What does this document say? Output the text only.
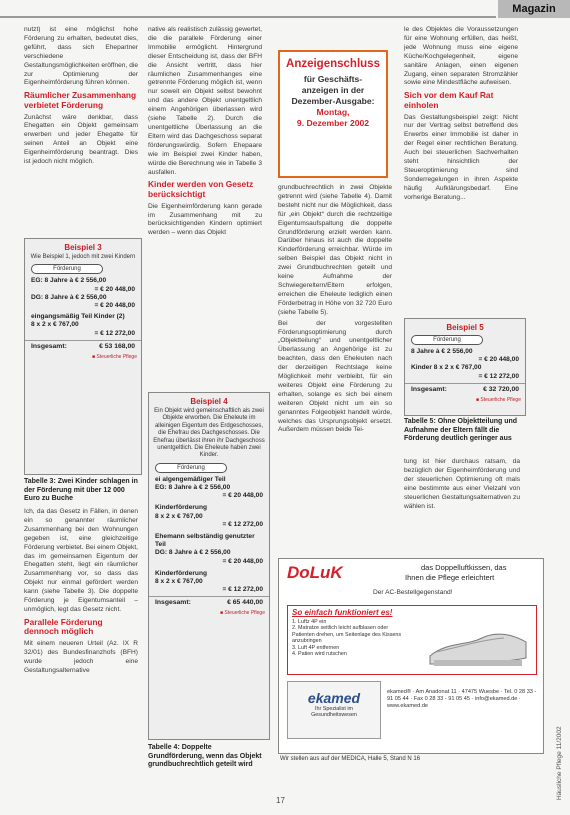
Magazin

nutzt) ist eine möglichst hohe Förderung zu erhalten, bedeutet dies, geführt, dass sich Ehepartner verschiedene Gestaltungsmöglichkeiten eröffnen, die zur Optimierung der Eigenheimförderung führen können.

Räumlicher Zusammenhang verbietet Förderung

Zunächst wäre denkbar, dass Ehegatten ein Objekt gemeinsam erwerben und jeder Ehegatte für seinen Anteil an Objekt eine Eigenheimförderung beantragt. Dies ist jedoch nicht möglich.

Beispiel 3
Wie Beispiel 1, jedoch mit zwei Kindern
Förderung
EG: 8 Jahre à € 2 556,00
= € 20 448,00
DG: 8 Jahre à € 2 556,00
= € 20 448,00
eingangsmäßig Teil Kinder (2)
8 x 2 x € 767,00
= € 12 272,00
Insgesamt:	€ 53 168,00
■ Steuerliche Pflege
Tabelle 3: Zwei Kinder schlagen in der Förderung mit über 12 000 Euro zu Buche

Ich, da das Gesetz in Fällen, in denen ein so genannter räumlicher Zusammenhang bei den Wohnungen gegeben ist, eine gleichzeitige Förderung verbietet. Bei einem Objekt, das im gemeinsamen Eigentum der Ehegatten steht, liegt ein räumlicher Zusammenhang vor, so dass das Objekt nur einmal gefördert werden kann (siehe Tabelle 3). Die doppelte Förderung je Eigentumsanteil – unmöglich, legt das Gesetz nicht.

Parallele Förderung dennoch möglich

Mit einem neueren Urteil (Az. IX R 32/01) des Bundesfinanzhofs (BFH) wurde jedoch eine Gestaltungsalternative

native als realistisch zulässig gewertet, die die parallele Förderung einer Immobilie ermöglicht. Hintergrund dieser Entscheidung ist, dass der BFH die Ansicht vertritt, dass hier räumlichen Zusammenhanges eine getrennte Förderung möglich ist, wenn nur soweit ein Objekt selbst bewohnt und das andere Objekt unentgeltlich einem Angehörigen überlassen wird (siehe Tabelle 2). Durch die unentgeltliche Überlassung an die Eltern wird das Dachgeschoss separat förderungswürdig. Sofern Ehepaare wie im Beispiel zwei Kinder haben, würde die Berechnung wie in Tabelle 3 ausfallen.

Kinder werden von Gesetz berücksichtigt

Die Eigenheimförderung kann gerade im Zusammenhang mit zu berücksichtigenden Kindern optimiert werden – wenn das Objekt

Beispiel 4
Ein Objekt wird gemeinschaftlich als zwei Objekte erworben. Die Eheleute im alleinigen Eigentum des Erdgeschosses, die Ehefrau des Dachgeschosses. Die Ehefrau überlässt ihren ihr Dachgeschoss unentgeltlich. Die Eheleute haben zwei Kinder.
Förderung
ei algengemäßiger Teil
EG: 8 Jahre à € 2 556,00
= € 20 448,00
Kinderförderung
8 x 2 x € 767,00
= € 12 272,00
Ehemann selbständig genutzter Teil
DG: 8 Jahre à € 2 556,00
= € 20 448,00
Kinderförderung
8 x 2 x € 767,00
= € 12 272,00
Insgesamt:	€ 65 440,00
■ Steuerliche Pflege
Tabelle 4: Doppelte Grundförderung, wenn das Objekt grundbuchrechtlich geteilt wird
Anzeigenschluss
für Geschäfts-
anzeigen in der
Dezember-Ausgabe:
Montag,
9. Dezember 2002

grundbuchrechtlich in zwei Objekte getrennt wird (siehe Tabelle 4). Damit besteht nicht nur die Möglichkeit, dass für „ein Objekt“ durch die rechtzeitige Eigentumsaufspaltung die doppelte Grundförderung erzielt werden kann. Darüber hinaus ist auch die doppelte Kinderförderung erreichbar. Würde im selben Beispiel das Objekt nicht in zwei Grundbuchrechten geteilt und keine Aufnahme der Schwiegereltern/Eltern erfolgen, erreichen die Eheleute lediglich einen Förderbetrag in Höhe von 32 720 Euro (siehe Tabelle 5).

Bei der vorgestellten Förderungsoptimierung durch „Objektteilung“ und unentgeltlicher Überlassung an Angehörige ist zu beachten, dass den Eheleuten nach der derzeitigen Rechtslage keine Möglichkeit mehr verbleibt, für ein weiteres Objekt eine Förderung zu erhalten, solange es sich bei einem weiteren Objekt nicht um ein so genanntes Folgeobjekt handelt würde, welches das Ursprungsobjekt ersetzt. Außerdem müssen beide Tei-

le des Objektes die Voraussetzungen für eine Wohnung erfüllen, das heißt, jede Wohnung muss eine eigene Küche/Kochgelegenheit, eigene sanitäre Anlagen, einen eigenen Zugang, einen separaten Stromzähler sowie eine Mindestfläche aufweisen.

Sich vor dem Kauf Rat einholen

Das Gestaltungsbeispiel zeigt: Nicht nur der Vertrag selbst betreffend des Erwerbs einer Immobilie ist daher in der Regel einer rechtlichen Beratung. Auch bei steuerlichen Sachverhalten steht hinsichtlich der Steueroptimierung sind Sonderregelungen in ihren Aspekte häufig Aufklärungsbedarf. Eine vorherige Beratung...

Beispiel 5
Förderung
8 Jahre à € 2 556,00
= € 20 448,00
Kinder 8 x 2 x € 767,00
= € 12 272,00
Insgesamt:	€ 32 720,00
■ Steuerliche Pflege
Tabelle 5: Ohne Objektteilung und Aufnahme der Eltern fällt die Förderung deutlich geringer aus

tung ist hier durchaus ratsam, da bezüglich der Eigenheimförderung und der steuerlichen Optimierung oft mals eine bestimmte aus einer Vielzahl von steuerlichen Gestaltungsalternativen zu wählen ist.

DoLuK	das Doppelluftkissen, das
Ihnen die Pflege erleichtert
Der AC-Bestellgegenstand!
So einfach funktioniert es!
1. Luftz 4P ein
2. Matratze seitlich leicht aufblasen oder Patienten drehen, um Seitenlage des Kissens anzubringen
3. Luft 4P entfernen
4. Patien wird rutschen
ekamed
Ihr Spezialist im Gesundheitswesen
ekamed® · Am Anadonat 11 · 47475 Wuesbe · Tel. 0 28 33 - 91 05 44 · Fax 0 28 33 - 91 05 45 · info@ekamed.de · www.ekamed.de
Wir stellen aus auf der MEDICA, Halle 5, Stand N 16
17
Häusliche Pflege 11/2002
